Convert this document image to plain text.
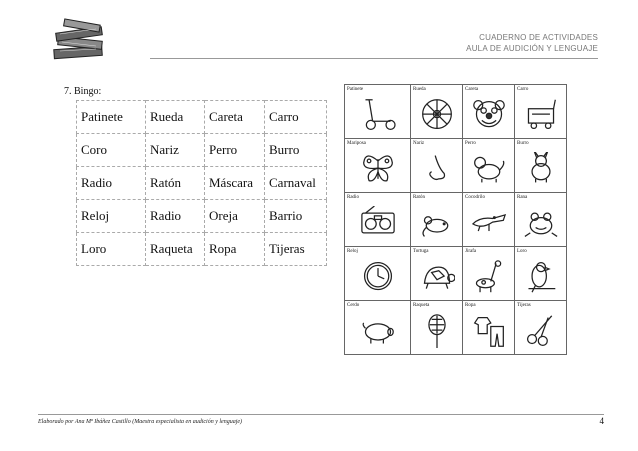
CUADERNO DE ACTIVIDADES
AULA DE AUDICIÓN Y LENGUAJE
7. Bingo:
Patinete	Rueda	Careta	Carro
Coro	Nariz	Perro	Burro
Radio	Ratón	Máscara	Carnaval
Reloj	Radio	Oreja	Barrio
Loro	Raqueta	Ropa	Tijeras
Patinete	Rueda	Careta	Carro

Mariposa	Nariz	Perro	Burro

Radio	Ratón	Cocodrilo	Rana

Reloj	Tortuga	Jirafa	Loro

Cerdo	Raqueta	Ropa	Tijeras
Elaborado por Ana Mª Ibáñez Castillo (Maestra especialista en audición y lenguaje)	4
